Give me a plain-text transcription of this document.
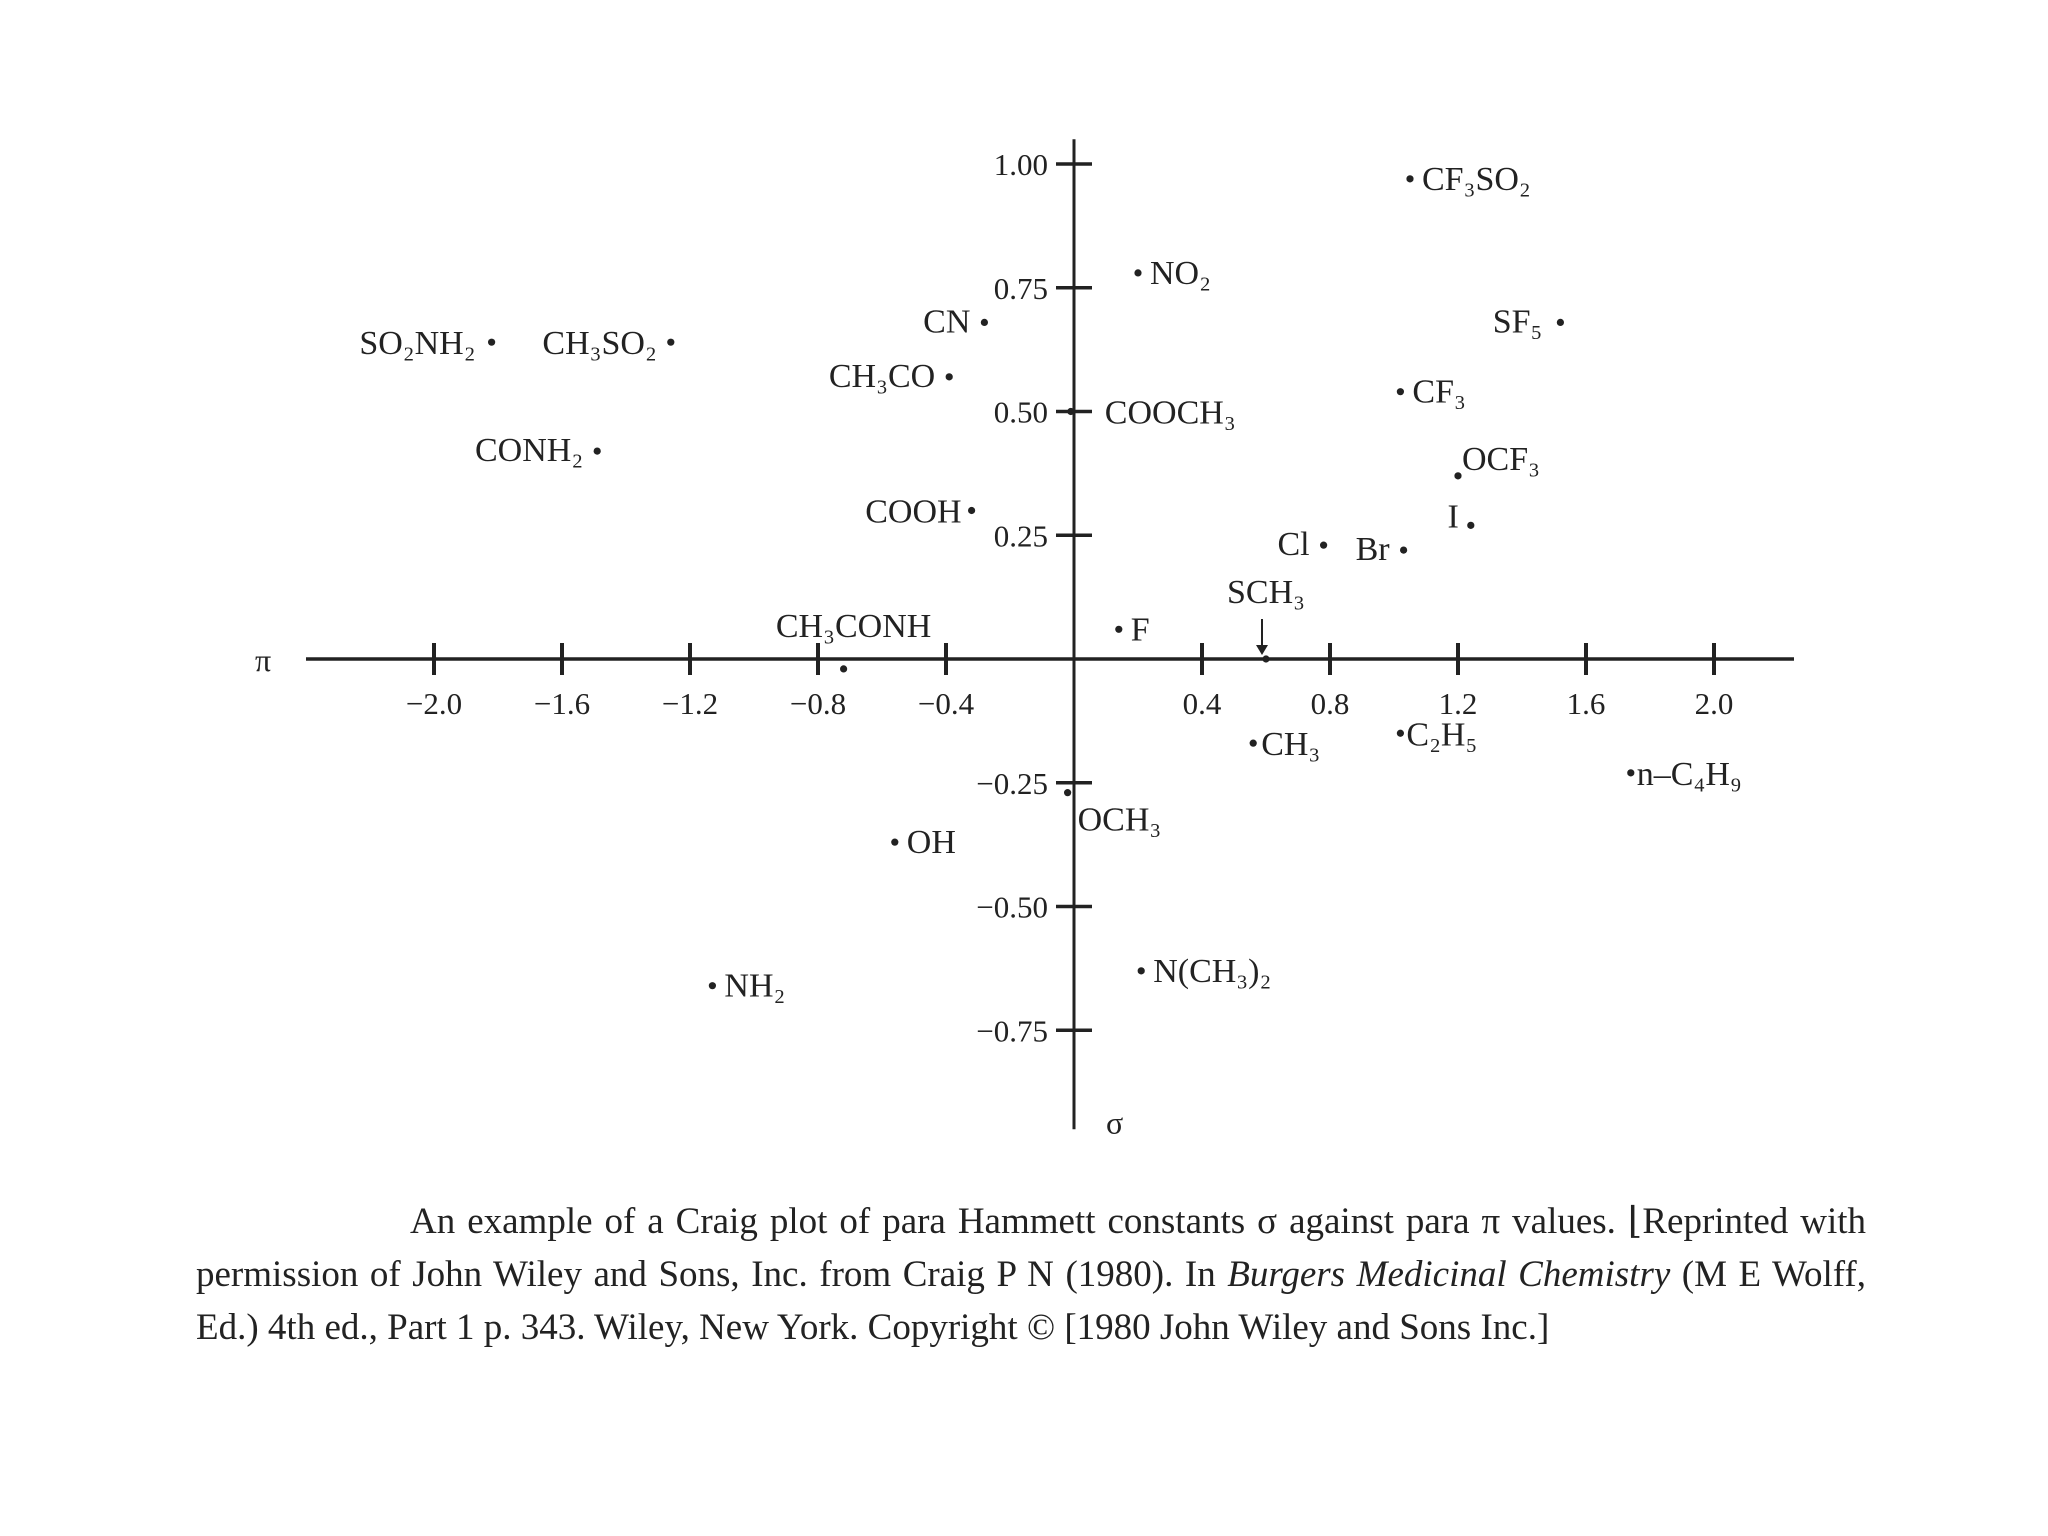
−2.0 −1.6 −1.2 −0.8 −0.4	0.4	0.8	1.2	1.6	2.0
1.00
0.75
0.50
0.25
−0.25
−0.50
−0.75
CF₃SO₂
NO₂
SF₅
CN
SO₂NH₂ CH₃SO₂
CH₃CO	CF₃
COOCH₃
CONH₂	OCF₃
COOH	I
Cl Br
F
SCH₃
CH₃CONH
CH₃	C₂H₅
n–C₄H₉
OCH₃
OH
NH₂	N(CH₃)₂
π
σ
An example of a Craig plot of para Hammett constants σ against para π values. ⌊Reprinted with permission of John Wiley and Sons, Inc. from Craig P N (1980). In Burgers Medicinal Chemistry (M E Wolff, Ed.) 4th ed., Part 1 p. 343. Wiley, New York. Copyright © [1980 John Wiley and Sons Inc.]
